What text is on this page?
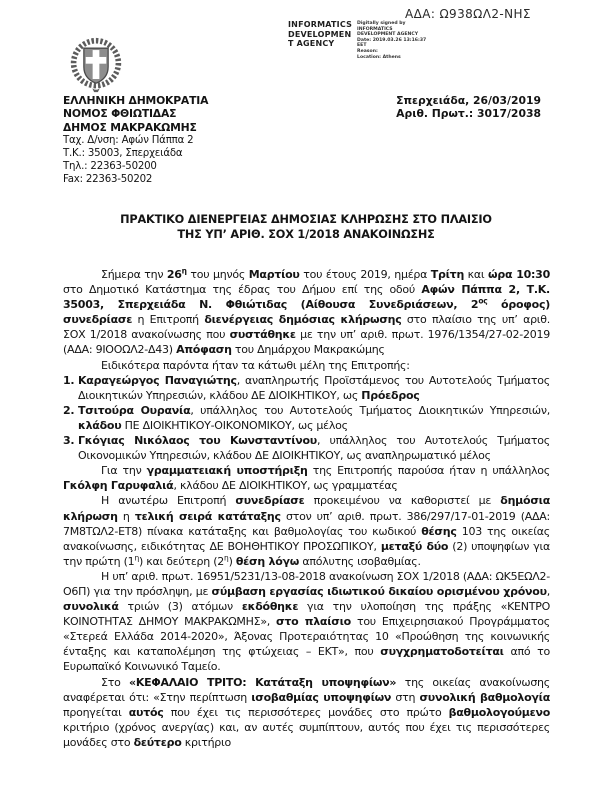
ΑΔΑ: Ω938ΩΛ2-ΝΗΣ
INFORMATICS
DEVELOPMEN
T AGENCY
Digitally signed by
INFORMATICS
DEVELOPMENT AGENCY
Date: 2019.03.26 13:16:37
EET
Reason:
Location: Athens
ΕΛΛΗΝΙΚΗ ΔΗΜΟΚΡΑΤΙΑ
ΝΟΜΟΣ ΦΘΙΩΤΙΔΑΣ
ΔΗΜΟΣ ΜΑΚΡΑΚΩΜΗΣ
Ταχ. Δ/νση: Αφών Πάππα 2
Τ.Κ.: 35003, Σπερχειάδα
Τηλ.: 22363-50200
Fax: 22363-50202
Σπερχειάδα, 26/03/2019
Αριθ. Πρωτ.: 3017/2038
ΠΡΑΚΤΙΚΟ ΔΙΕΝΕΡΓΕΙΑΣ ΔΗΜΟΣΙΑΣ ΚΛΗΡΩΣΗΣ ΣΤΟ ΠΛΑΙΣΙΟ
ΤΗΣ ΥΠ’ ΑΡΙΘ. ΣΟΧ 1/2018 ΑΝΑΚΟΙΝΩΣΗΣ

Σήμερα την $26^\eta$ του μηνός Μαρτίου του έτους 2019, ημέρα Τρίτη και ώρα 10:30 στο Δημοτικό Κατάστημα της έδρας του Δήμου επί της οδού Αφών Πάππα 2, Τ.Κ. 35003, Σπερχειάδα Ν. Φθιώτιδας (Αίθουσα Συνεδριάσεων, $2^{o\varsigma}$ όροφος) συνεδρίασε η Επιτροπή διενέργειας δημόσιας κλήρωσης στο πλαίσιο της υπ’ αριθ. ΣΟΧ 1/2018 ανακοίνωσης που συστάθηκε με την υπ’ αριθ. πρωτ. 1976/1354/27-02-2019 (ΑΔΑ: 9ΙΟΟΩΛ2-Δ43) Απόφαση του Δημάρχου Μακρακώμης

Ειδικότερα παρόντα ήταν τα κάτωθι μέλη της Επιτροπής:

1. Καραγεώργος Παναγιώτης, αναπληρωτής Προϊστάμενος του Αυτοτελούς Τμήματος Διοικητικών Υπηρεσιών, κλάδου ΔΕ ΔΙΟΙΚΗΤΙΚΟΥ, ως Πρόεδρος

2. Τσιτούρα Ουρανία, υπάλληλος του Αυτοτελούς Τμήματος Διοικητικών Υπηρεσιών, κλάδου ΠΕ ΔΙΟΙΚΗΤΙΚΟΥ-ΟΙΚΟΝΟΜΙΚΟΥ, ως μέλος

3. Γκόγιας Νικόλαος του Κωνσταντίνου, υπάλληλος του Αυτοτελούς Τμήματος Οικονομικών Υπηρεσιών, κλάδου ΔΕ ΔΙΟΙΚΗΤΙΚΟΥ, ως αναπληρωματικό μέλος

Για την γραμματειακή υποστήριξη της Επιτροπής παρούσα ήταν η υπάλληλος Γκόλφη Γαρυφαλιά, κλάδου ΔΕ ΔΙΟΙΚΗΤΙΚΟΥ, ως γραμματέας

Η ανωτέρω Επιτροπή συνεδρίασε προκειμένου να καθοριστεί με δημόσια κλήρωση η τελική σειρά κατάταξης στον υπ’ αριθ. πρωτ. 386/297/17-01-2019 (ΑΔΑ: 7Μ8ΤΩΛ2-ΕΤ8) πίνακα κατάταξης και βαθμολογίας του κωδικού θέσης 103 της οικείας ανακοίνωσης, ειδικότητας ΔΕ ΒΟΗΘΗΤΙΚΟΥ ΠΡΟΣΩΠΙΚΟΥ, μεταξύ δύο (2) υποψηφίων για την πρώτη $(1^\eta)$ και δεύτερη $(2^\eta)$ θέση λόγω απόλυτης ισοβαθμίας.

Η υπ’ αριθ. πρωτ. 16951/5231/13-08-2018 ανακοίνωση ΣΟΧ 1/2018 (ΑΔΑ: ΩΚ5ΕΩΛ2-Ο6Π) για την πρόσληψη, με σύμβαση εργασίας ιδιωτικού δικαίου ορισμένου χρόνου, συνολικά τριών (3) ατόμων εκδόθηκε για την υλοποίηση της πράξης «ΚΕΝΤΡΟ ΚΟΙΝΟΤΗΤΑΣ ΔΗΜΟΥ ΜΑΚΡΑΚΩΜΗΣ», στο πλαίσιο του Επιχειρησιακού Προγράμματος «Στερεά Ελλάδα 2014-2020», Άξονας Προτεραιότητας 10 «Προώθηση της κοινωνικής ένταξης και καταπολέμηση της φτώχειας – ΕΚΤ», που συγχρηματοδοτείται από το Ευρωπαϊκό Κοινωνικό Ταμείο.

Στο «ΚΕΦΑΛΑΙΟ ΤΡΙΤΟ: Κατάταξη υποψηφίων» της οικείας ανακοίνωσης αναφέρεται ότι: «Στην περίπτωση ισοβαθμίας υποψηφίων στη συνολική βαθμολογία προηγείται αυτός που έχει τις περισσότερες μονάδες στο πρώτο βαθμολογούμενο κριτήριο (χρόνος ανεργίας) και, αν αυτές συμπίπτουν, αυτός που έχει τις περισσότερες μονάδες στο δεύτερο κριτήριο
